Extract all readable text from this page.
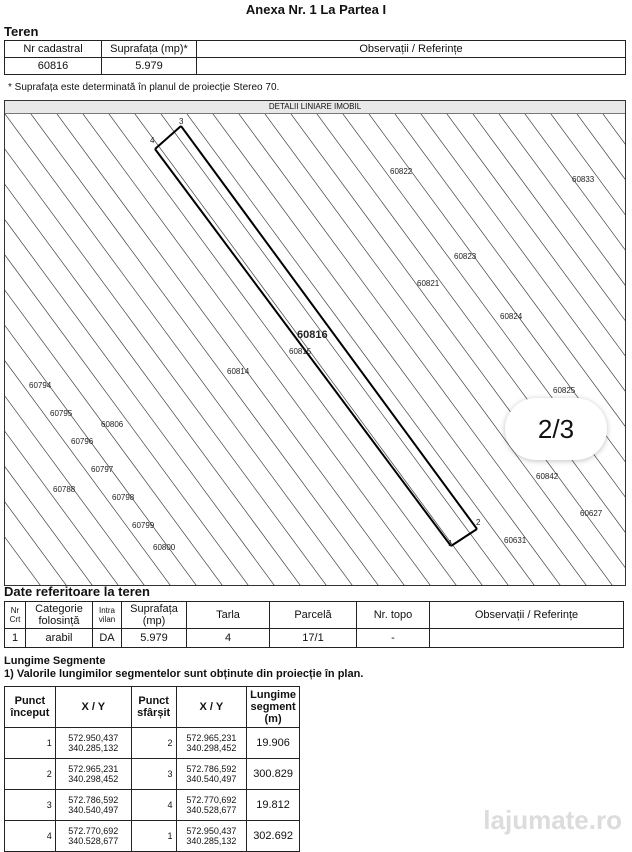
Anexa Nr. 1 La Partea I
Teren
Nr cadastral	Suprafața (mp)*	Observații / Referințe
60816	5.979	
* Suprafața este determinată în planul de proiecție Stereo 70.
DETALII LINIARE IMOBIL
60822
60833
60823
60821
60824
60815
60814
60825
60794
60795
60806
60796
60797
60788
60798
60799
60800
60842
60627
60631
60816
1
2
3
4
2/3
Date referitoare la teren
Nr Crt	Categorie folosință	Intra vilan	Suprafața (mp)	Tarla	Parcelă	Nr. topo	Observații / Referințe
1	arabil	DA	5.979	4	17/1	-	
Lungime Segmente
1) Valorile lungimilor segmentelor sunt obținute din proiecție în plan.
Punct început	X / Y	Punct sfârșit	X / Y	Lungime segment (m)
1	572.950,437 340.285,132	2	572.965,231 340.298,452	19.906
2	572.965,231 340.298,452	3	572.786,592 340.540,497	300.829
3	572.786,592 340.540,497	4	572.770,692 340.528,677	19.812
4	572.770,692 340.528,677	1	572.950,437 340.285,132	302.692
lajumate.ro
